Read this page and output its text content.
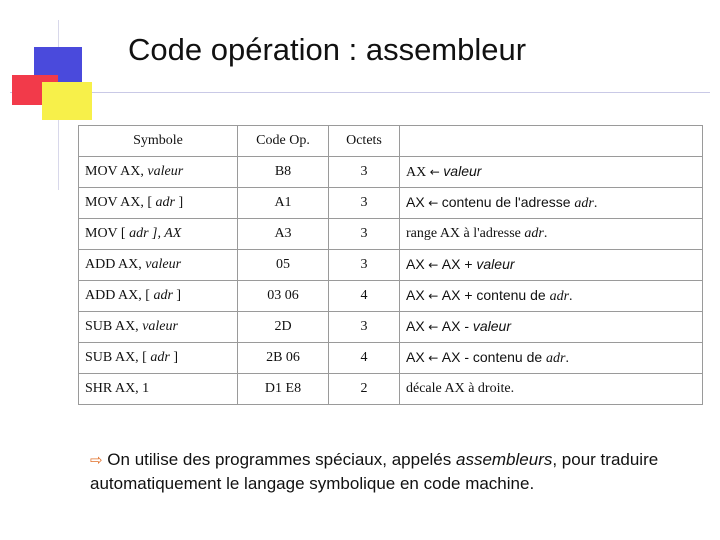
Code opération : assembleur
Symbole	Code Op.	Octets	
MOV AX, valeur	B8	3	AX ← valeur
MOV AX, [ adr ]	A1	3	AX ← contenu de l'adresse adr.
MOV [ adr ], AX	A3	3	range AX à l'adresse adr.
ADD AX, valeur	05	3	AX ← AX + valeur
ADD AX, [ adr ]	03 06	4	AX ← AX + contenu de adr.
SUB AX, valeur	2D	3	AX ← AX - valeur
SUB AX, [ adr ]	2B 06	4	AX ← AX - contenu de adr.
SHR AX, 1	D1 E8	2	décale AX à droite.
⇨ On utilise des programmes spéciaux, appelés assembleurs, pour traduire automatiquement le langage symbolique en code machine.
